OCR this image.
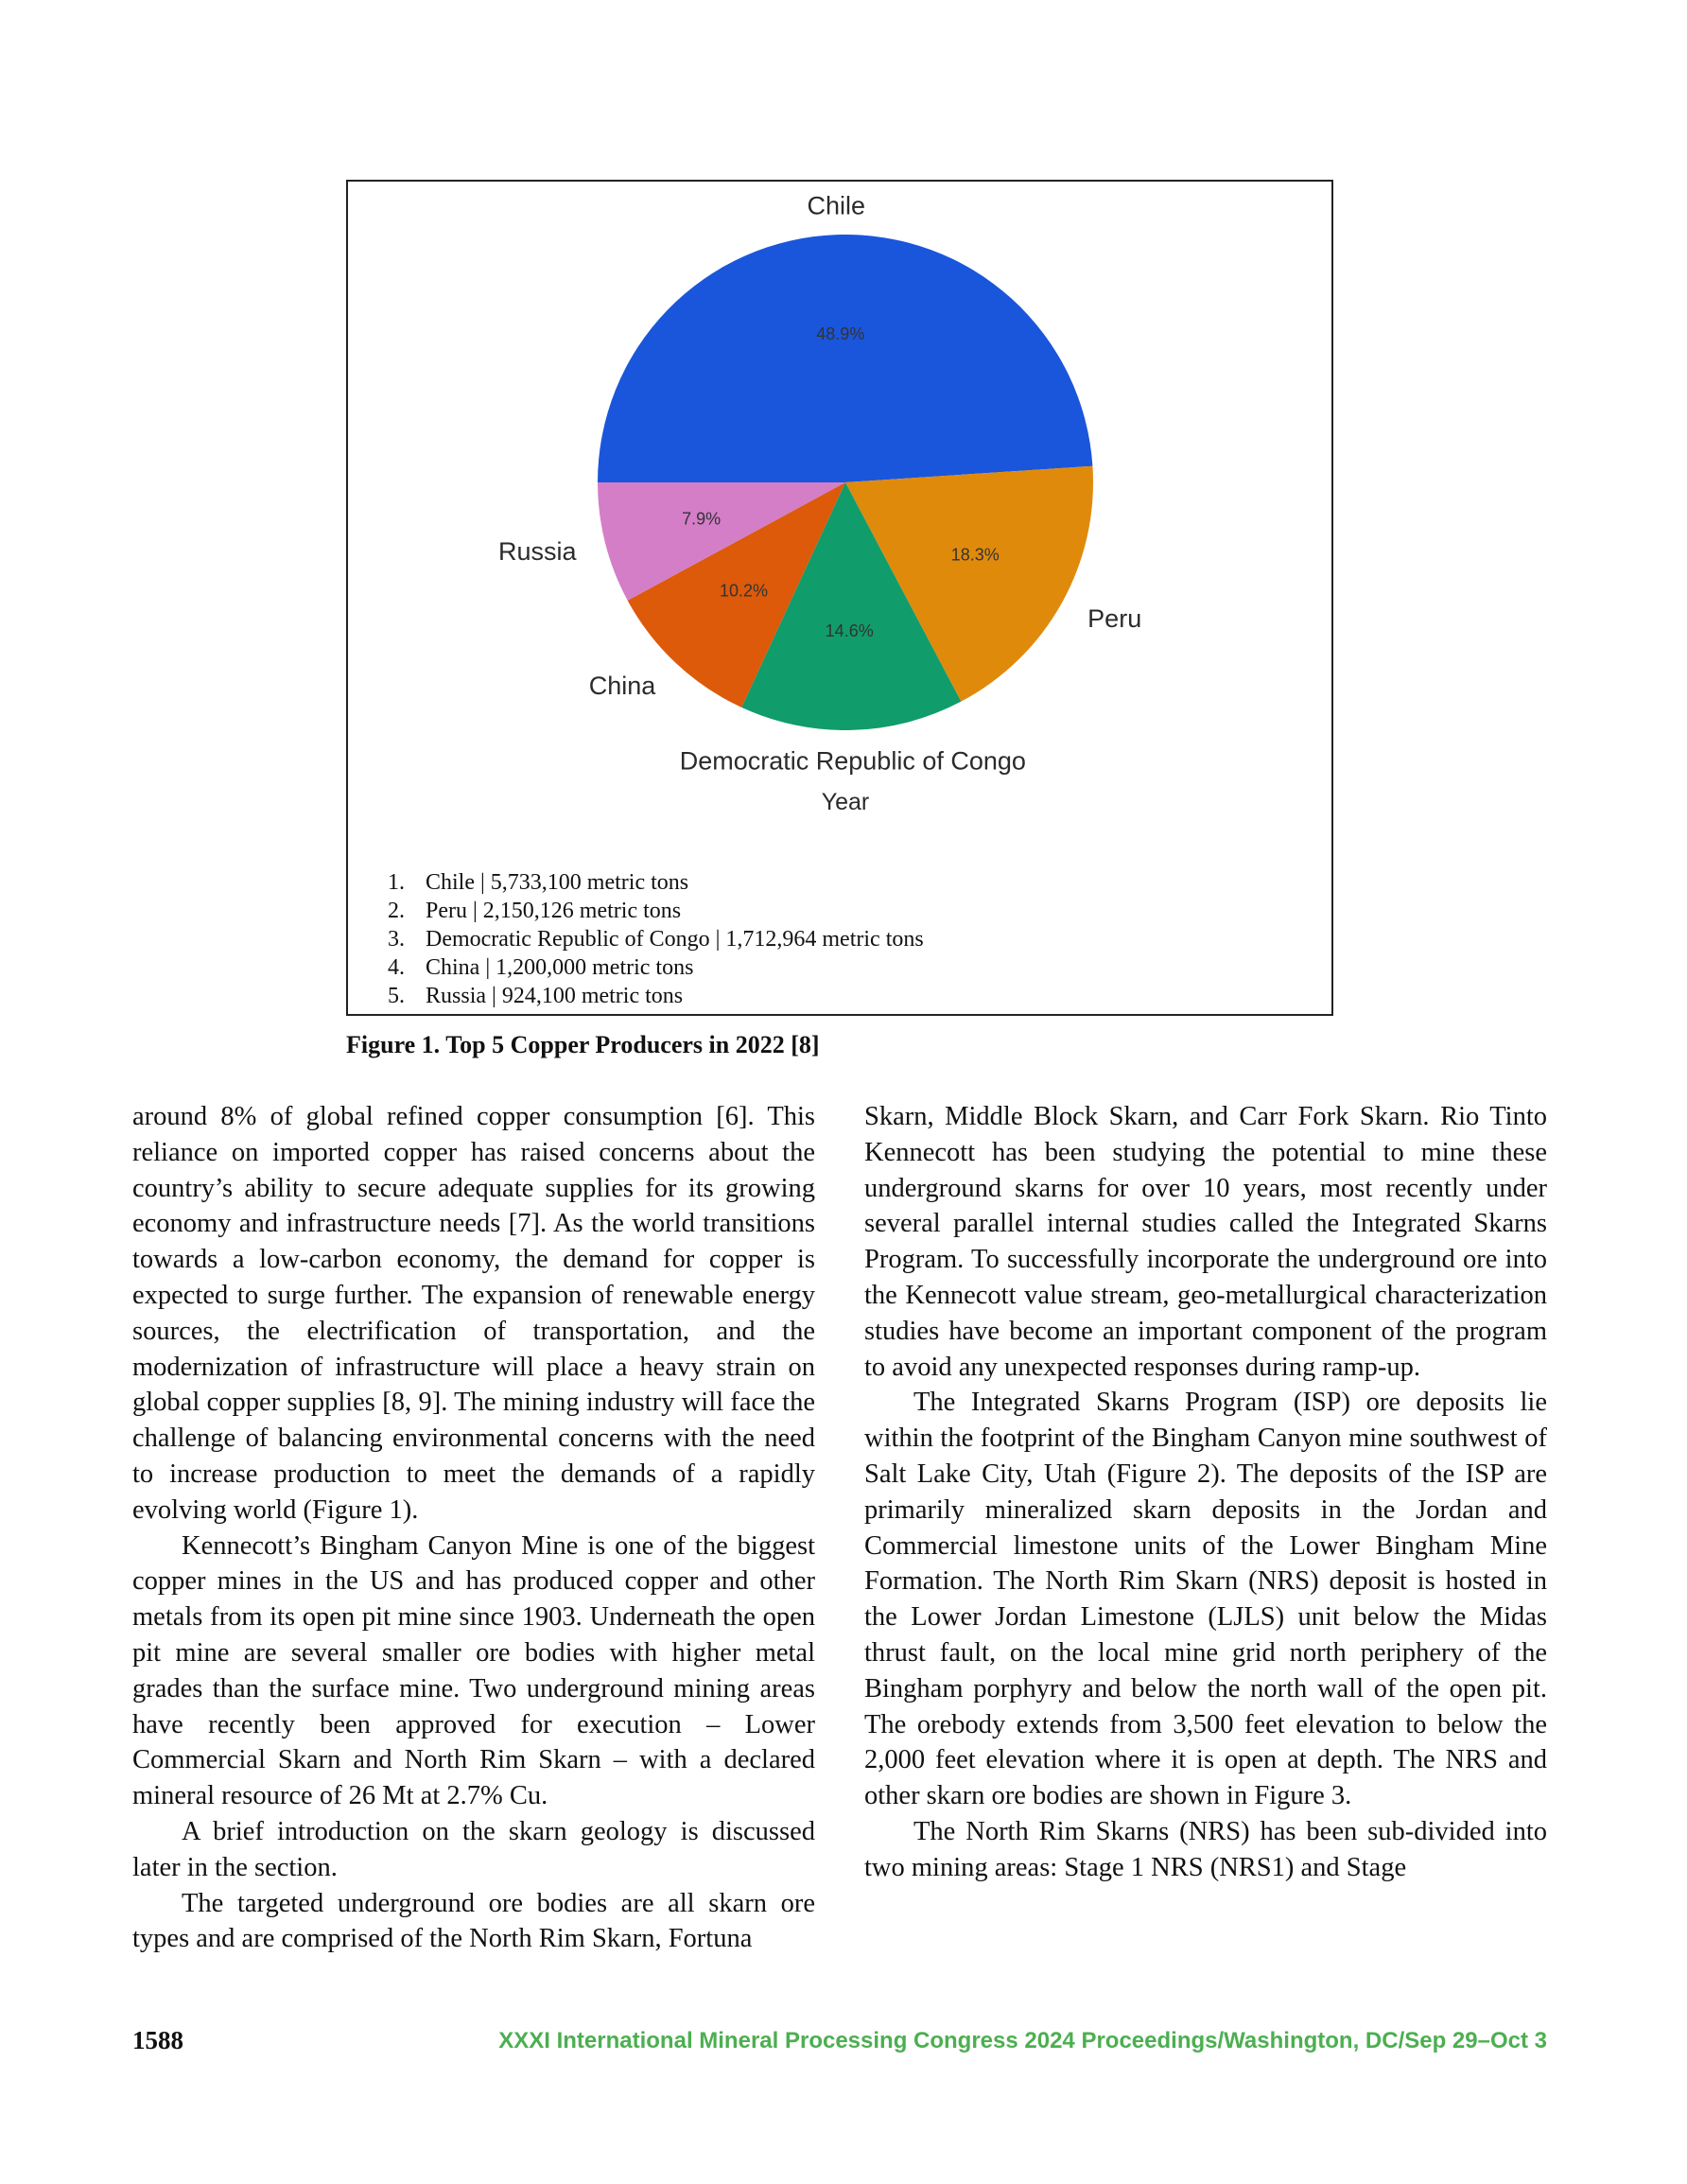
48.9%
Chile
18.3%
Peru
14.6%
Democratic Republic of Congo
10.2%
China
7.9%
Russia
Year
1. Chile | 5,733,100 metric tons
2. Peru | 2,150,126 metric tons
3. Democratic Republic of Congo | 1,712,964 metric tons
4. China | 1,200,000 metric tons
5. Russia | 924,100 metric tons
Figure 1. Top 5 Copper Producers in 2022 [8]

around 8% of global refined copper consumption [6]. This reliance on imported copper has raised concerns about the country’s ability to secure adequate supplies for its growing economy and infrastructure needs [7]. As the world transitions towards a low-carbon economy, the demand for copper is expected to surge further. The expansion of renewable energy sources, the electrification of transportation, and the modernization of infrastructure will place a heavy strain on global copper supplies [8, 9]. The mining industry will face the challenge of balancing environmental concerns with the need to increase production to meet the demands of a rapidly evolving world (Figure 1).

Kennecott’s Bingham Canyon Mine is one of the biggest copper mines in the US and has produced copper and other metals from its open pit mine since 1903. Underneath the open pit mine are several smaller ore bodies with higher metal grades than the surface mine. Two underground mining areas have recently been approved for execution – Lower Commercial Skarn and North Rim Skarn – with a declared mineral resource of 26 Mt at 2.7% Cu.

A brief introduction on the skarn geology is discussed later in the section.

The targeted underground ore bodies are all skarn ore types and are comprised of the North Rim Skarn, Fortuna

Skarn, Middle Block Skarn, and Carr Fork Skarn. Rio Tinto Kennecott has been studying the potential to mine these underground skarns for over 10 years, most recently under several parallel internal studies called the Integrated Skarns Program. To successfully incorporate the underground ore into the Kennecott value stream, geo-metallurgical characterization studies have become an important component of the program to avoid any unexpected responses during ramp-up.

The Integrated Skarns Program (ISP) ore deposits lie within the footprint of the Bingham Canyon mine southwest of Salt Lake City, Utah (Figure 2). The deposits of the ISP are primarily mineralized skarn deposits in the Jordan and Commercial limestone units of the Lower Bingham Mine Formation. The North Rim Skarn (NRS) deposit is hosted in the Lower Jordan Limestone (LJLS) unit below the Midas thrust fault, on the local mine grid north periphery of the Bingham porphyry and below the north wall of the open pit. The orebody extends from 3,500 feet elevation to below the 2,000 feet elevation where it is open at depth. The NRS and other skarn ore bodies are shown in Figure 3.

The North Rim Skarns (NRS) has been sub-divided into two mining areas: Stage 1 NRS (NRS1) and Stage

1588	XXXI International Mineral Processing Congress 2024 Proceedings/Washington, DC/Sep 29–Oct 3
